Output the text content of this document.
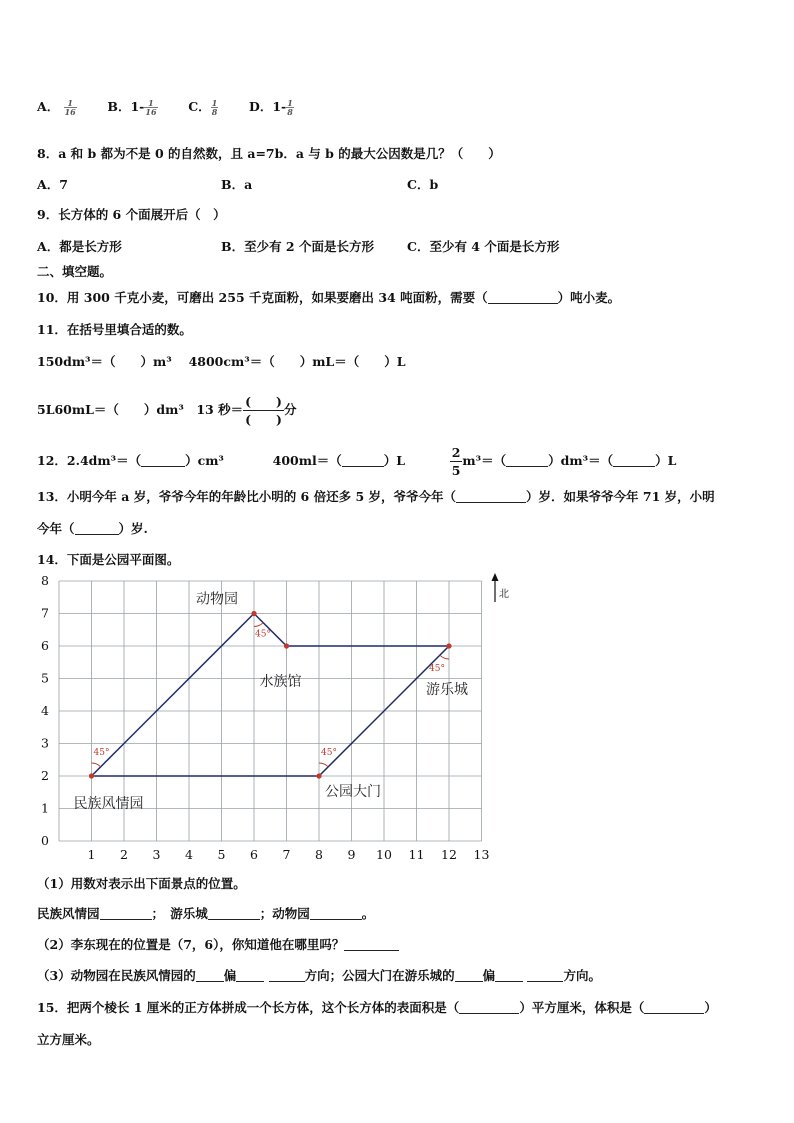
A． $\frac{1}{16}$ B．$1- \frac{1}{16}$ C． $\frac{1}{8}$ D．$1- \frac{1}{8}$
8．a 和 b 都为不是 0 的自然数，且 a=7b．a 与 b 的最大公因数是几？（　　）
A．7	B．a	C．b
9．长方体的 6 个面展开后（　）
A．都是长方形	B．至少有 2 个面是长方形	C．至少有 4 个面是长方形
二、填空题。
10．用 300 千克小麦，可磨出 255 千克面粉，如果要磨出 34 吨面粉，需要（	）吨小麦。
11．在括号里填合适的数。
150dm³＝（　　）m³　 4800cm³＝（　　）mL＝（　　）L
5L60mL＝（　　）dm³　13 秒＝
(　　)
(　　)
分
12．2.4dm³＝（	）cm³	400ml＝（	）L	$\frac{2}{5} m^3=$（	）dm³＝（	）L
13．小明今年 a 岁，爷爷今年的年龄比小明的 6 倍还多 5 岁，爷爷今年（	）岁．如果爷爷今年 71 岁，小明
今年（	）岁.
14．下面是公园平面图。
1 2 3 4 5 6 7 8 9 10 11 12 13
0
1
2
3
4
5
6
7
8
45°	45°
45°
45°
民族风情园
动物园
水族馆	游乐城
公园大门
北
（1）用数对表示出下面景点的位置。
民族风情园	；　游乐城	；动物园	。
（2）李东现在的位置是（7，6），你知道他在哪里吗？
（3）动物园在民族风情园的 偏	方向；公园大门在游乐城的 偏	方向。
15．把两个棱长 1 厘米的正方体拼成一个长方体，这个长方体的表面积是（	）平方厘米，体积是（	）
立方厘米。
